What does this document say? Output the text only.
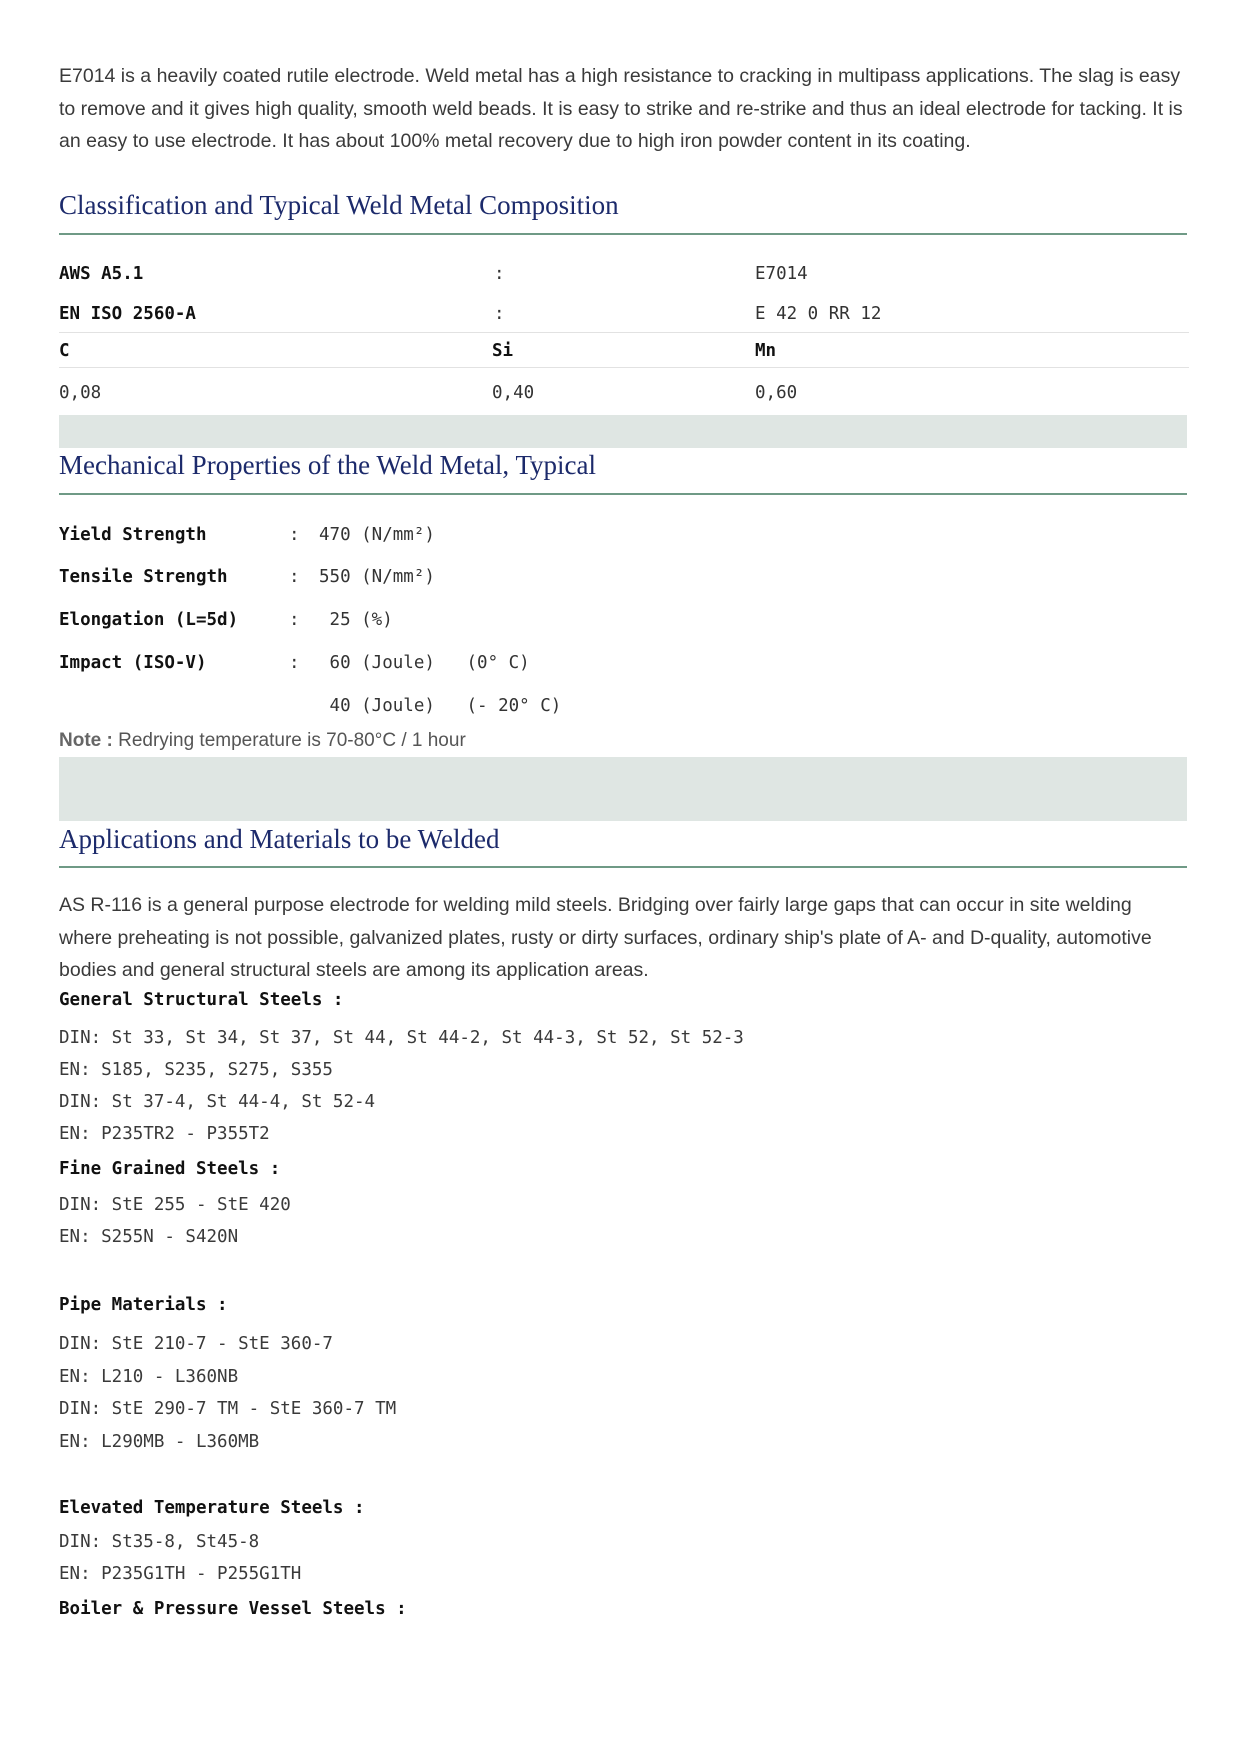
E7014 is a heavily coated rutile electrode. Weld metal has a high resistance to cracking in multipass applications. The slag is easy to remove and it gives high quality, smooth weld beads. It is easy to strike and re-strike and thus an ideal electrode for tacking. It is an easy to use electrode. It has about 100% metal recovery due to high iron powder content in its coating.

Classification and Typical Weld Metal Composition
AWS A5.1	:	E7014
EN ISO 2560-A	:	E 42 0 RR 12
C	Si	Mn
0,08	0,40	0,60
Mechanical Properties of the Weld Metal, Typical
Yield Strength	: 470 (N/mm²)
Tensile Strength	: 550 (N/mm²)
Elongation (L=5d)	: 25 (%)
Impact (ISO-V)	: 60 (Joule)   (0° C)
40 (Joule)   (- 20° C)
Note : Redrying temperature is 70-80°C / 1 hour
Applications and Materials to be Welded

AS R-116 is a general purpose electrode for welding mild steels. Bridging over fairly large gaps that can occur in site welding where preheating is not possible, galvanized plates, rusty or dirty surfaces, ordinary ship's plate of A- and D-quality, automotive bodies and general structural steels are among its application areas.

General Structural Steels :
DIN: St 33, St 34, St 37, St 44, St 44-2, St 44-3, St 52, St 52-3
EN: S185, S235, S275, S355
DIN: St 37-4, St 44-4, St 52-4
EN: P235TR2 - P355T2
Fine Grained Steels :
DIN: StE 255 - StE 420
EN: S255N - S420N
Pipe Materials :
DIN: StE 210-7 - StE 360-7
EN: L210 - L360NB
DIN: StE 290-7 TM - StE 360-7 TM
EN: L290MB - L360MB
Elevated Temperature Steels :
DIN: St35-8, St45-8
EN: P235G1TH - P255G1TH
Boiler & Pressure Vessel Steels :
